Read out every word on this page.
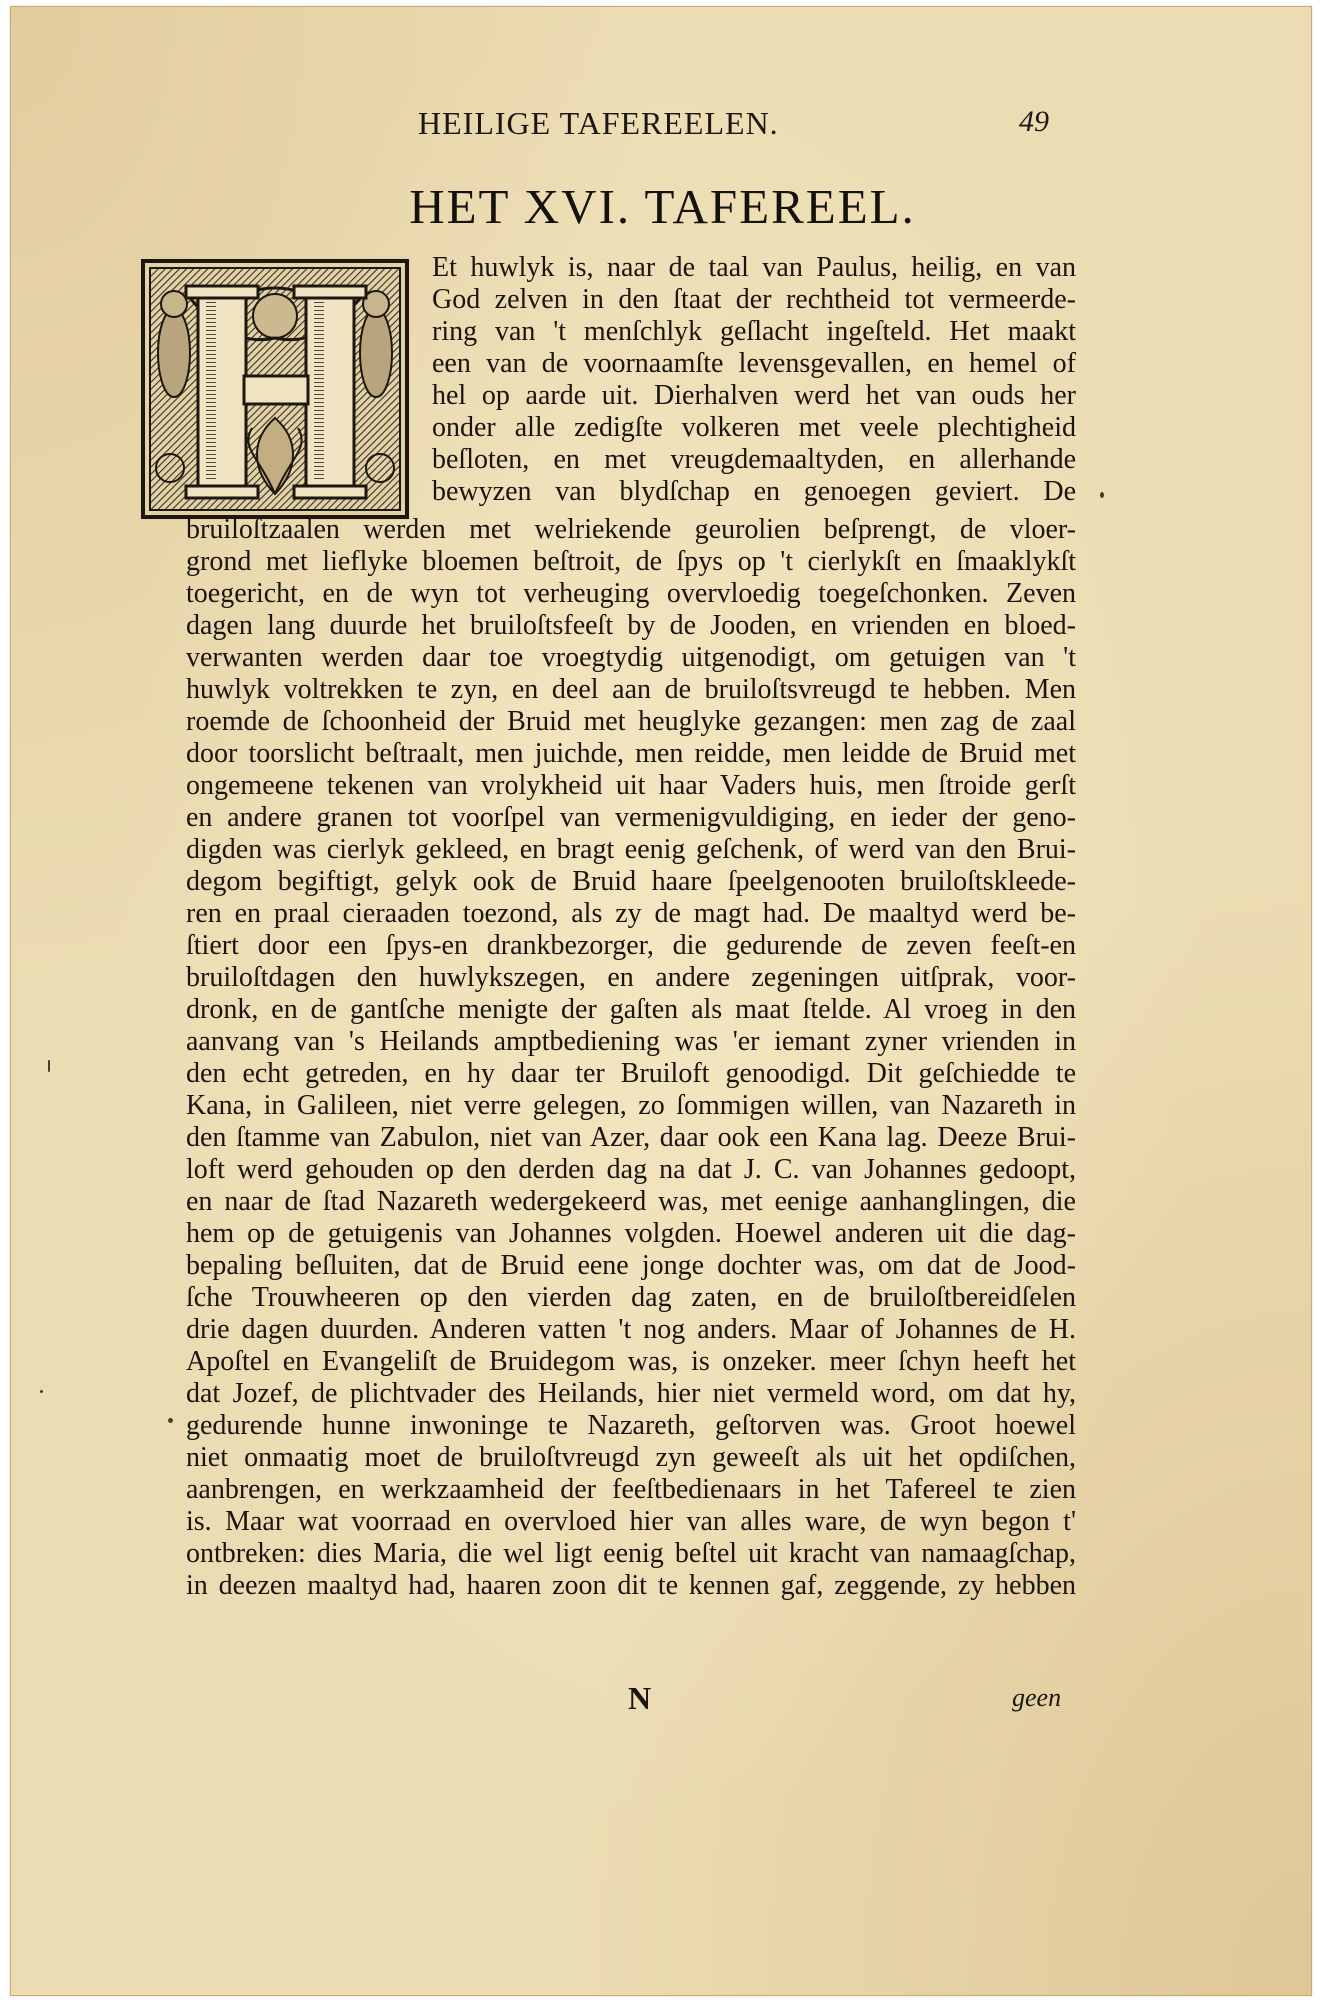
HEILIGE TAFEREELEN.	49
HET XVI. TAFEREEL.
Et huwlyk is, naar de taal van Paulus, heilig, en van
God zelven in den ſtaat der rechtheid tot vermeerde-
ring van 't menſchlyk geſlacht ingeſteld. Het maakt
een van de voornaamſte levensgevallen, en hemel of
hel op aarde uit. Dierhalven werd het van ouds her
onder alle zedigſte volkeren met veele plechtigheid
beſloten, en met vreugdemaaltyden, en allerhande
bewyzen van blydſchap en genoegen geviert. De
bruiloſtzaalen werden met welriekende geurolien beſprengt, de vloer-
grond met lieflyke bloemen beſtroit, de ſpys op 't cierlykſt en ſmaaklykſt
toegericht, en de wyn tot verheuging overvloedig toegeſchonken. Zeven
dagen lang duurde het bruiloſtsfeeſt by de Jooden, en vrienden en bloed-
verwanten werden daar toe vroegtydig uitgenodigt, om getuigen van 't
huwlyk voltrekken te zyn, en deel aan de bruiloſtsvreugd te hebben. Men
roemde de ſchoonheid der Bruid met heuglyke gezangen: men zag de zaal
door toorslicht beſtraalt, men juichde, men reidde, men leidde de Bruid met
ongemeene tekenen van vrolykheid uit haar Vaders huis, men ſtroide gerſt
en andere granen tot voorſpel van vermenigvuldiging, en ieder der geno-
digden was cierlyk gekleed, en bragt eenig geſchenk, of werd van den Brui-
degom begiftigt, gelyk ook de Bruid haare ſpeelgenooten bruiloſtskleede-
ren en praal cieraaden toezond, als zy de magt had. De maaltyd werd be-
ſtiert door een ſpys-en drankbezorger, die gedurende de zeven feeſt-en
bruiloſtdagen den huwlykszegen, en andere zegeningen uitſprak, voor-
dronk, en de gantſche menigte der gaſten als maat ſtelde. Al vroeg in den
aanvang van 's Heilands amptbediening was 'er iemant zyner vrienden in
den echt getreden, en hy daar ter Bruiloft genoodigd. Dit geſchiedde te
Kana, in Galileen, niet verre gelegen, zo ſommigen willen, van Nazareth in
den ſtamme van Zabulon, niet van Azer, daar ook een Kana lag. Deeze Brui-
loft werd gehouden op den derden dag na dat J. C. van Johannes gedoopt,
en naar de ſtad Nazareth wedergekeerd was, met eenige aanhanglingen, die
hem op de getuigenis van Johannes volgden. Hoewel anderen uit die dag-
bepaling beſluiten, dat de Bruid eene jonge dochter was, om dat de Jood-
ſche Trouwheeren op den vierden dag zaten, en de bruiloſtbereidſelen
drie dagen duurden. Anderen vatten 't nog anders. Maar of Johannes de H.
Apoſtel en Evangeliſt de Bruidegom was, is onzeker. meer ſchyn heeft het
dat Jozef, de plichtvader des Heilands, hier niet vermeld word, om dat hy,
gedurende hunne inwoninge te Nazareth, geſtorven was. Groot hoewel
niet onmaatig moet de bruiloſtvreugd zyn geweeſt als uit het opdiſchen,
aanbrengen, en werkzaamheid der feeſtbedienaars in het Tafereel te zien
is. Maar wat voorraad en overvloed hier van alles ware, de wyn begon t'
ontbreken: dies Maria, die wel ligt eenig beſtel uit kracht van namaagſchap,
in deezen maaltyd had, haaren zoon dit te kennen gaf, zeggende, zy hebben
N	geen
